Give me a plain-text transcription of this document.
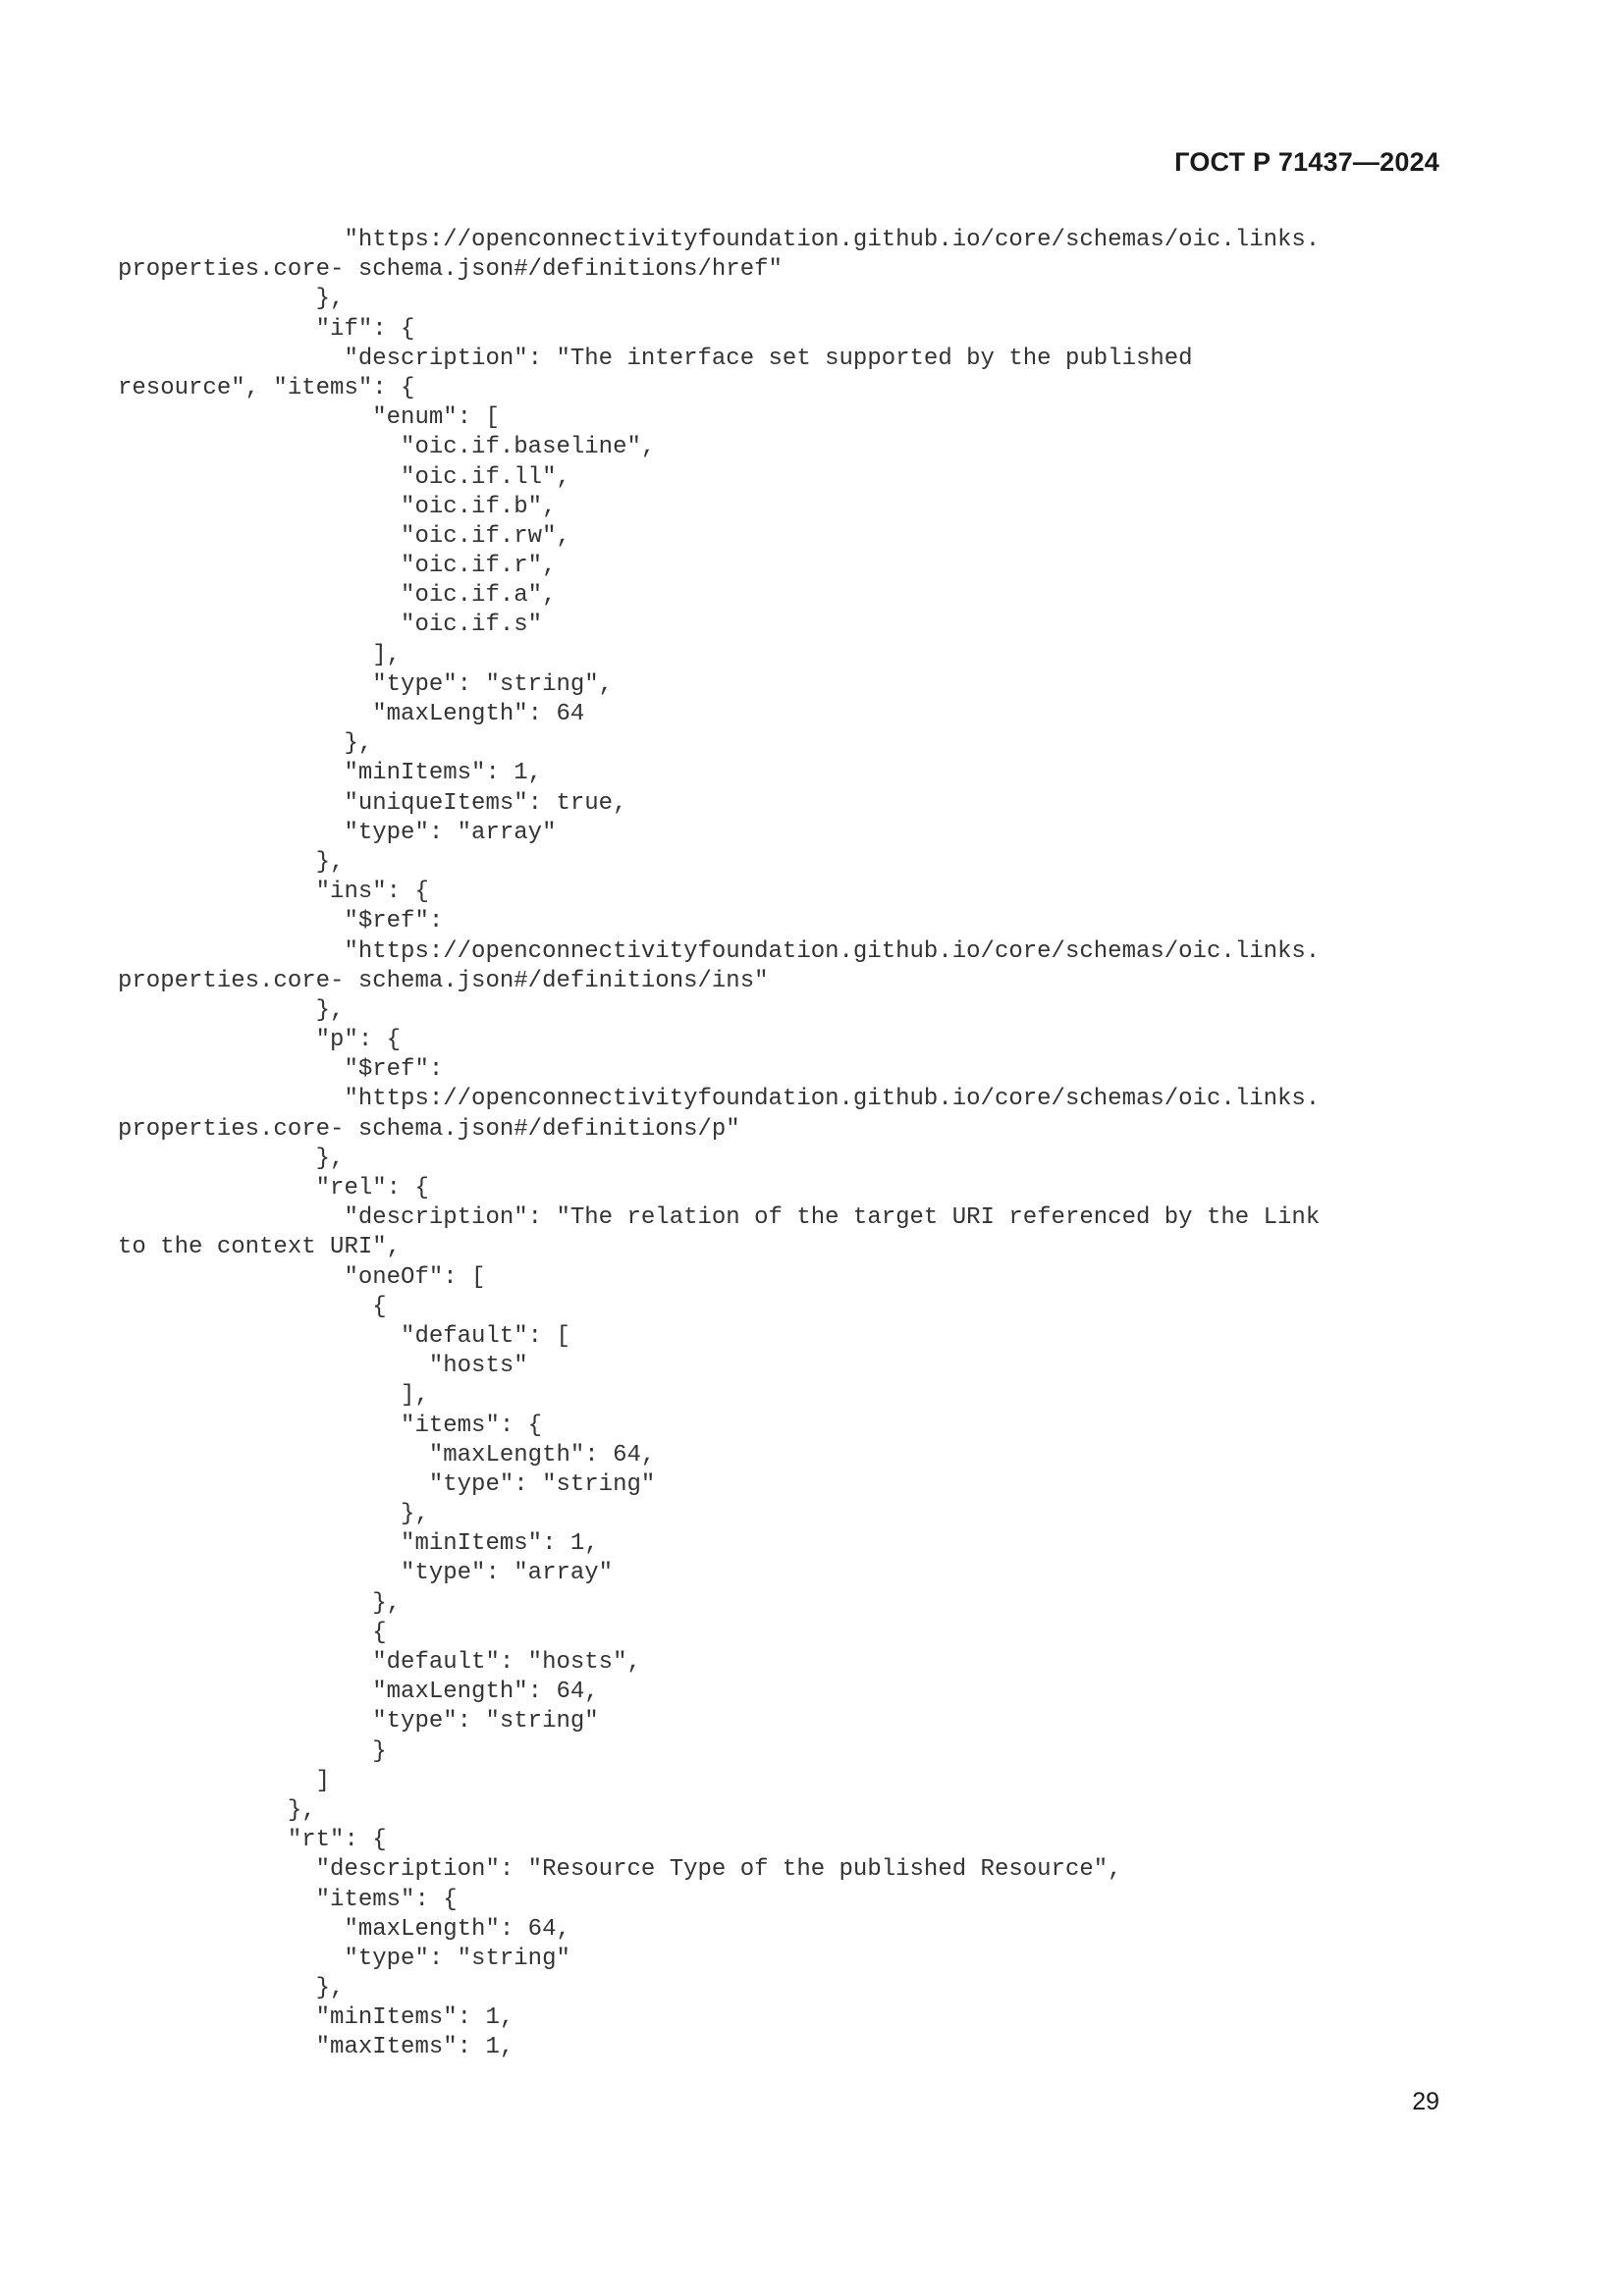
ГОСТ Р 71437—2024
"https://openconnectivityfoundation.github.io/core/schemas/oic.links.
properties.core- schema.json#/definitions/href"
},
"if": {
"description": "The interface set supported by the published
resource", "items": {
"enum": [
"oic.if.baseline",
"oic.if.ll",
"oic.if.b",
"oic.if.rw",
"oic.if.r",
"oic.if.a",
"oic.if.s"
],
"type": "string",
"maxLength": 64
},
"minItems": 1,
"uniqueItems": true,
"type": "array"
},
"ins": {
"$ref":
"https://openconnectivityfoundation.github.io/core/schemas/oic.links.
properties.core- schema.json#/definitions/ins"
},
"p": {
"$ref":
"https://openconnectivityfoundation.github.io/core/schemas/oic.links.
properties.core- schema.json#/definitions/p"
},
"rel": {
"description": "The relation of the target URI referenced by the Link
to the context URI",
"oneOf": [
{
"default": [
"hosts"
],
"items": {
"maxLength": 64,
"type": "string"
},
"minItems": 1,
"type": "array"
},
{
"default": "hosts",
"maxLength": 64,
"type": "string"
}
]
},
"rt": {
"description": "Resource Type of the published Resource",
"items": {
"maxLength": 64,
"type": "string"
},
"minItems": 1,
"maxItems": 1,
29
